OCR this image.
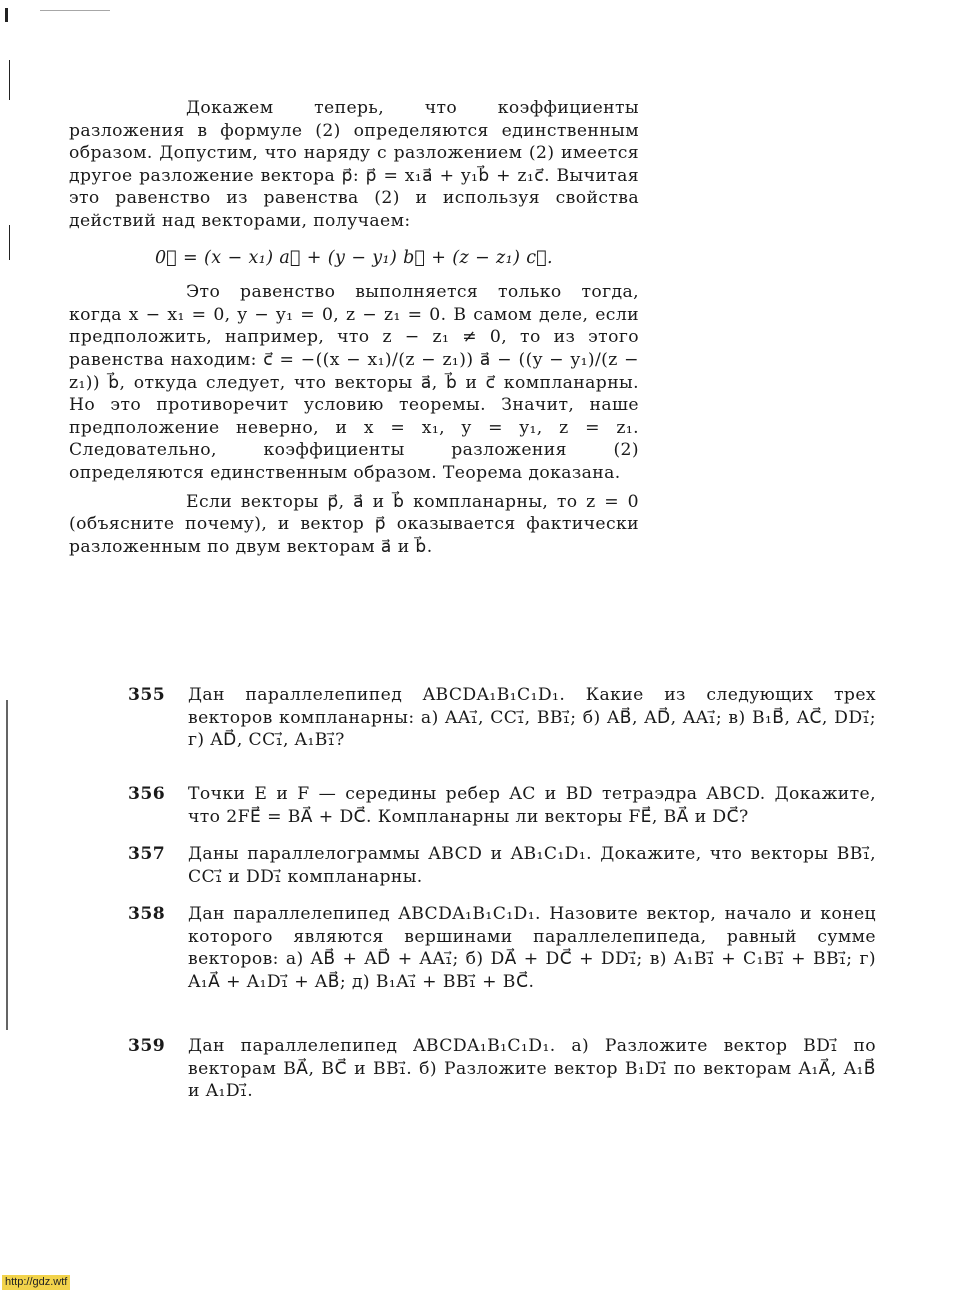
Докажем теперь, что коэффициенты разложения в формуле (2) определяются единственным образом. Допустим, что наряду с разложением (2) имеется другое разложение вектора p⃗: p⃗ = x₁a⃗ + y₁b⃗ + z₁c⃗. Вычитая это равенство из равенства (2) и используя свойства действий над векторами, получаем:

0⃗ = (x − x₁) a⃗ + (y − y₁) b⃗ + (z − z₁) c⃗.

Это равенство выполняется только тогда, когда x − x₁ = 0, y − y₁ = 0, z − z₁ = 0. В самом деле, если предположить, например, что z − z₁ ≠ 0, то из этого равенства находим: c⃗ = −((x − x₁)/(z − z₁)) a⃗ − ((y − y₁)/(z − z₁)) b⃗, откуда следует, что векторы a⃗, b⃗ и c⃗ компланарны. Но это противоречит условию теоремы. Значит, наше предположение неверно, и x = x₁, y = y₁, z = z₁. Следовательно, коэффициенты разложения (2) определяются единственным образом. Теорема доказана.

Если векторы p⃗, a⃗ и b⃗ компланарны, то z = 0 (объясните почему), и вектор p⃗ оказывается фактически разложенным по двум векторам a⃗ и b⃗.

355 Дан параллелепипед ABCDA₁B₁C₁D₁. Какие из следующих трех векторов компланарны: а) AA₁⃗, CC₁⃗, BB₁⃗; б) AB⃗, AD⃗, AA₁⃗; в) B₁B⃗, AC⃗, DD₁⃗; г) AD⃗, CC₁⃗, A₁B₁⃗?
356 Точки E и F — середины ребер AC и BD тетраэдра ABCD. Докажите, что 2FE⃗ = BA⃗ + DC⃗. Компланарны ли векторы FE⃗, BA⃗ и DC⃗?
357 Даны параллелограммы ABCD и AB₁C₁D₁. Докажите, что векторы BB₁⃗, CC₁⃗ и DD₁⃗ компланарны.
358 Дан параллелепипед ABCDA₁B₁C₁D₁. Назовите вектор, начало и конец которого являются вершинами параллелепипеда, равный сумме векторов: а) AB⃗ + AD⃗ + AA₁⃗; б) DA⃗ + DC⃗ + DD₁⃗; в) A₁B₁⃗ + C₁B₁⃗ + BB₁⃗; г) A₁A⃗ + A₁D₁⃗ + AB⃗; д) B₁A₁⃗ + BB₁⃗ + BC⃗.
359 Дан параллелепипед ABCDA₁B₁C₁D₁. а) Разложите вектор BD₁⃗ по векторам BA⃗, BC⃗ и BB₁⃗. б) Разложите вектор B₁D₁⃗ по векторам A₁A⃗, A₁B⃗ и A₁D₁⃗.
http://gdz.wtf
